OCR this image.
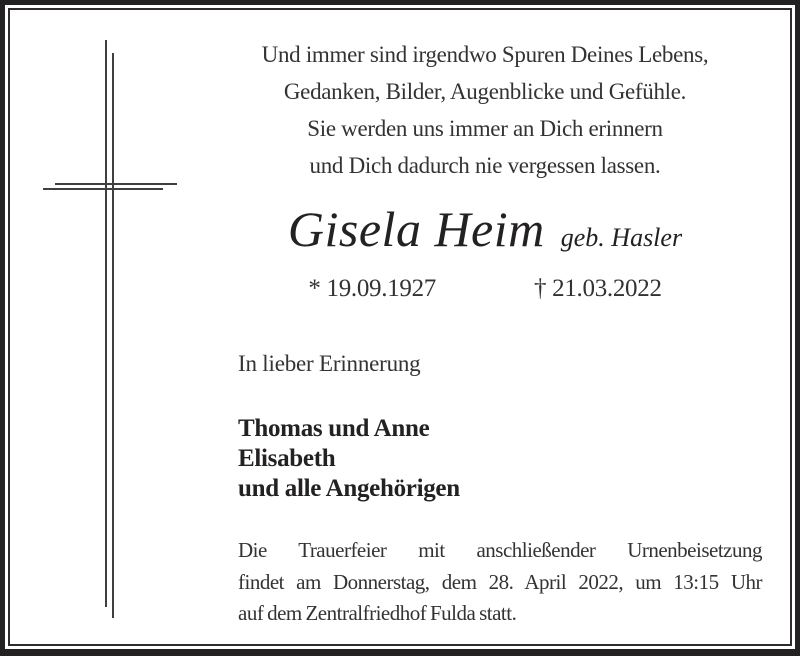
Und immer sind irgendwo Spuren Deines Lebens,
Gedanken, Bilder, Augenblicke und Gefühle.
Sie werden uns immer an Dich erinnern
und Dich dadurch nie vergessen lassen.
Gisela Heim geb. Hasler
* 19.09.1927	† 21.03.2022
In lieber Erinnerung
Thomas und Anne
Elisabeth
und alle Angehörigen
Die Trauerfeier mit anschließender Urnenbeisetzung
findet am Donnerstag, dem 28. April 2022, um 13:15 Uhr
auf dem Zentralfriedhof Fulda statt.
